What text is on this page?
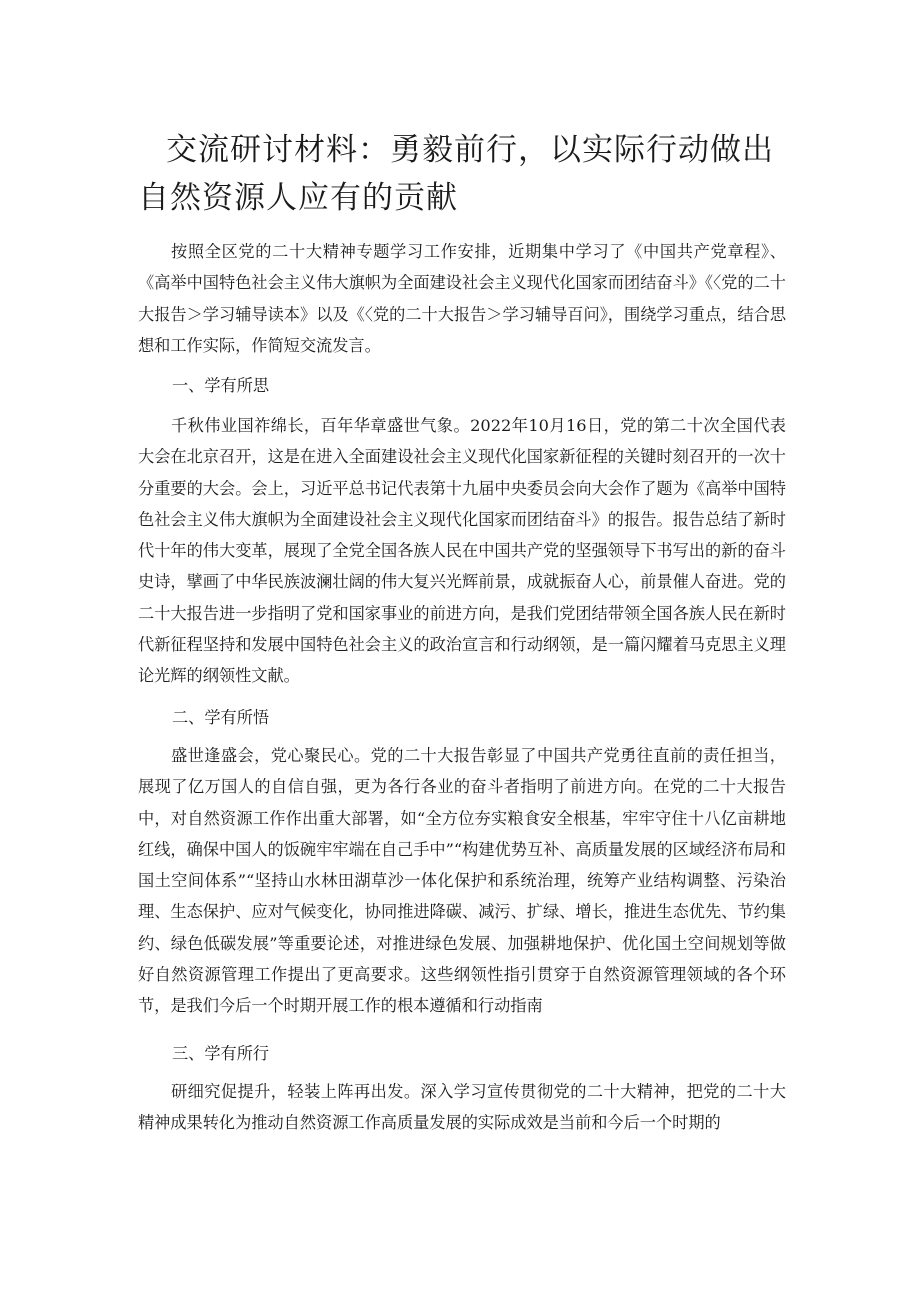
交流研讨材料：勇毅前行，以实际行动做出自然资源人应有的贡献

按照全区党的二十大精神专题学习工作安排，近期集中学习了《中国共产党章程》、《高举中国特色社会主义伟大旗帜为全面建设社会主义现代化国家而团结奋斗》《〈党的二十大报告＞学习辅导读本》以及《〈党的二十大报告＞学习辅导百问》，围绕学习重点，结合思想和工作实际，作简短交流发言。

一、学有所思

千秋伟业国祚绵长，百年华章盛世气象。2022年10月16日，党的第二十次全国代表大会在北京召开，这是在进入全面建设社会主义现代化国家新征程的关键时刻召开的一次十分重要的大会。会上，习近平总书记代表第十九届中央委员会向大会作了题为《高举中国特色社会主义伟大旗帜为全面建设社会主义现代化国家而团结奋斗》的报告。报告总结了新时代十年的伟大变革，展现了全党全国各族人民在中国共产党的坚强领导下书写出的新的奋斗史诗，擘画了中华民族波澜壮阔的伟大复兴光辉前景，成就振奋人心，前景催人奋进。党的二十大报告进一步指明了党和国家事业的前进方向，是我们党团结带领全国各族人民在新时代新征程坚持和发展中国特色社会主义的政治宣言和行动纲领，是一篇闪耀着马克思主义理论光辉的纲领性文献。

二、学有所悟

盛世逢盛会，党心聚民心。党的二十大报告彰显了中国共产党勇往直前的责任担当，展现了亿万国人的自信自强，更为各行各业的奋斗者指明了前进方向。在党的二十大报告中，对自然资源工作作出重大部署，如“全方位夯实粮食安全根基，牢牢守住十八亿亩耕地红线，确保中国人的饭碗牢牢端在自己手中”“构建优势互补、高质量发展的区域经济布局和国土空间体系”“坚持山水林田湖草沙一体化保护和系统治理，统筹产业结构调整、污染治理、生态保护、应对气候变化，协同推进降碳、减污、扩绿、增长，推进生态优先、节约集约、绿色低碳发展”等重要论述，对推进绿色发展、加强耕地保护、优化国土空间规划等做好自然资源管理工作提出了更高要求。这些纲领性指引贯穿于自然资源管理领域的各个环节，是我们今后一个时期开展工作的根本遵循和行动指南

三、学有所行

研细究促提升，轻装上阵再出发。深入学习宣传贯彻党的二十大精神，把党的二十大精神成果转化为推动自然资源工作高质量发展的实际成效是当前和今后一个时期的
